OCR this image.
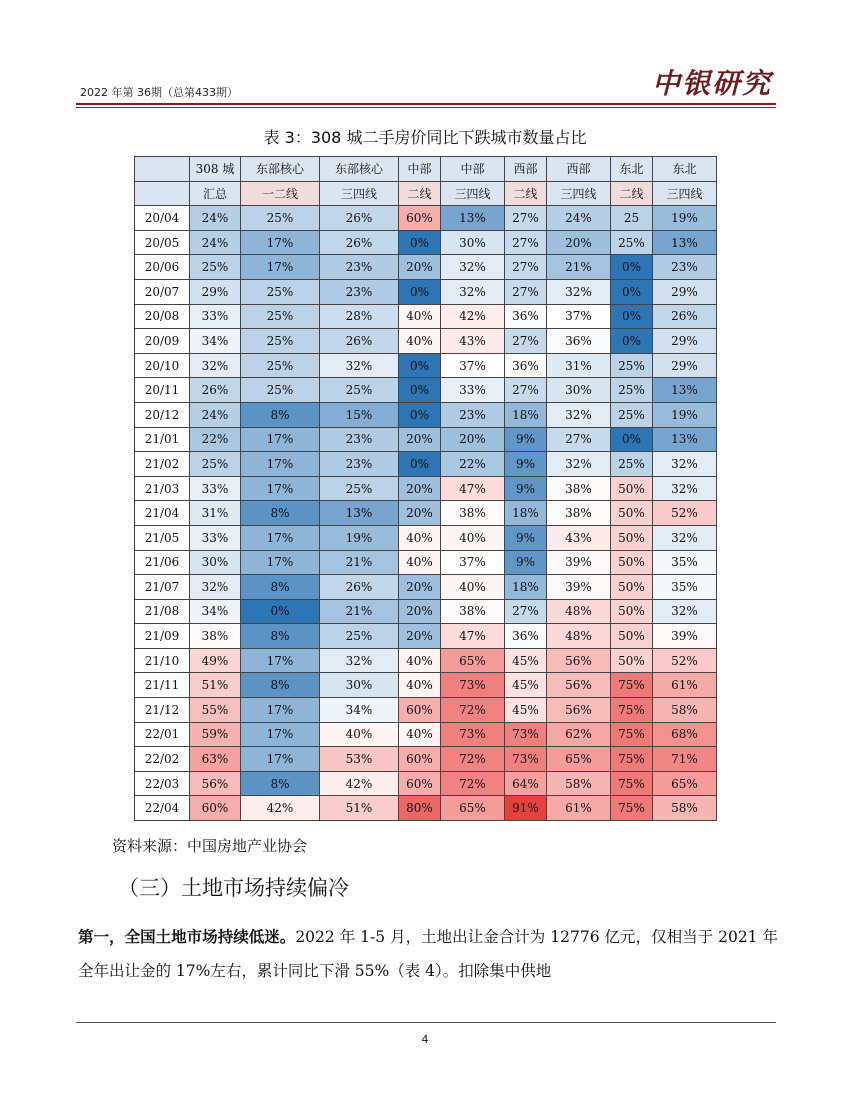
2022 年第 36期（总第433期）	中银研究
表 3：308 城二手房价同比下跌城市数量占比
	308 城	东部核心	东部核心	中部	中部	西部	西部	东北	东北
	汇总	一二线	三四线	二线	三四线	二线	三四线	二线	三四线
20/04	24%	25%	26%	60%	13%	27%	24%	25	19%
20/05	24%	17%	26%	0%	30%	27%	20%	25%	13%
20/06	25%	17%	23%	20%	32%	27%	21%	0%	23%
20/07	29%	25%	23%	0%	32%	27%	32%	0%	29%
20/08	33%	25%	28%	40%	42%	36%	37%	0%	26%
20/09	34%	25%	26%	40%	43%	27%	36%	0%	29%
20/10	32%	25%	32%	0%	37%	36%	31%	25%	29%
20/11	26%	25%	25%	0%	33%	27%	30%	25%	13%
20/12	24%	8%	15%	0%	23%	18%	32%	25%	19%
21/01	22%	17%	23%	20%	20%	9%	27%	0%	13%
21/02	25%	17%	23%	0%	22%	9%	32%	25%	32%
21/03	33%	17%	25%	20%	47%	9%	38%	50%	32%
21/04	31%	8%	13%	20%	38%	18%	38%	50%	52%
21/05	33%	17%	19%	40%	40%	9%	43%	50%	32%
21/06	30%	17%	21%	40%	37%	9%	39%	50%	35%
21/07	32%	8%	26%	20%	40%	18%	39%	50%	35%
21/08	34%	0%	21%	20%	38%	27%	48%	50%	32%
21/09	38%	8%	25%	20%	47%	36%	48%	50%	39%
21/10	49%	17%	32%	40%	65%	45%	56%	50%	52%
21/11	51%	8%	30%	40%	73%	45%	56%	75%	61%
21/12	55%	17%	34%	60%	72%	45%	56%	75%	58%
22/01	59%	17%	40%	40%	73%	73%	62%	75%	68%
22/02	63%	17%	53%	60%	72%	73%	65%	75%	71%
22/03	56%	8%	42%	60%	72%	64%	58%	75%	65%
22/04	60%	42%	51%	80%	65%	91%	61%	75%	58%
资料来源：中国房地产业协会
（三）土地市场持续偏冷
第一，全国土地市场持续低迷。2022 年 1-5 月，土地出让金合计为 12776 亿元，仅相当于 2021 年全年出让金的 17%左右，累计同比下滑 55%（表 4）。扣除集中供地
4
